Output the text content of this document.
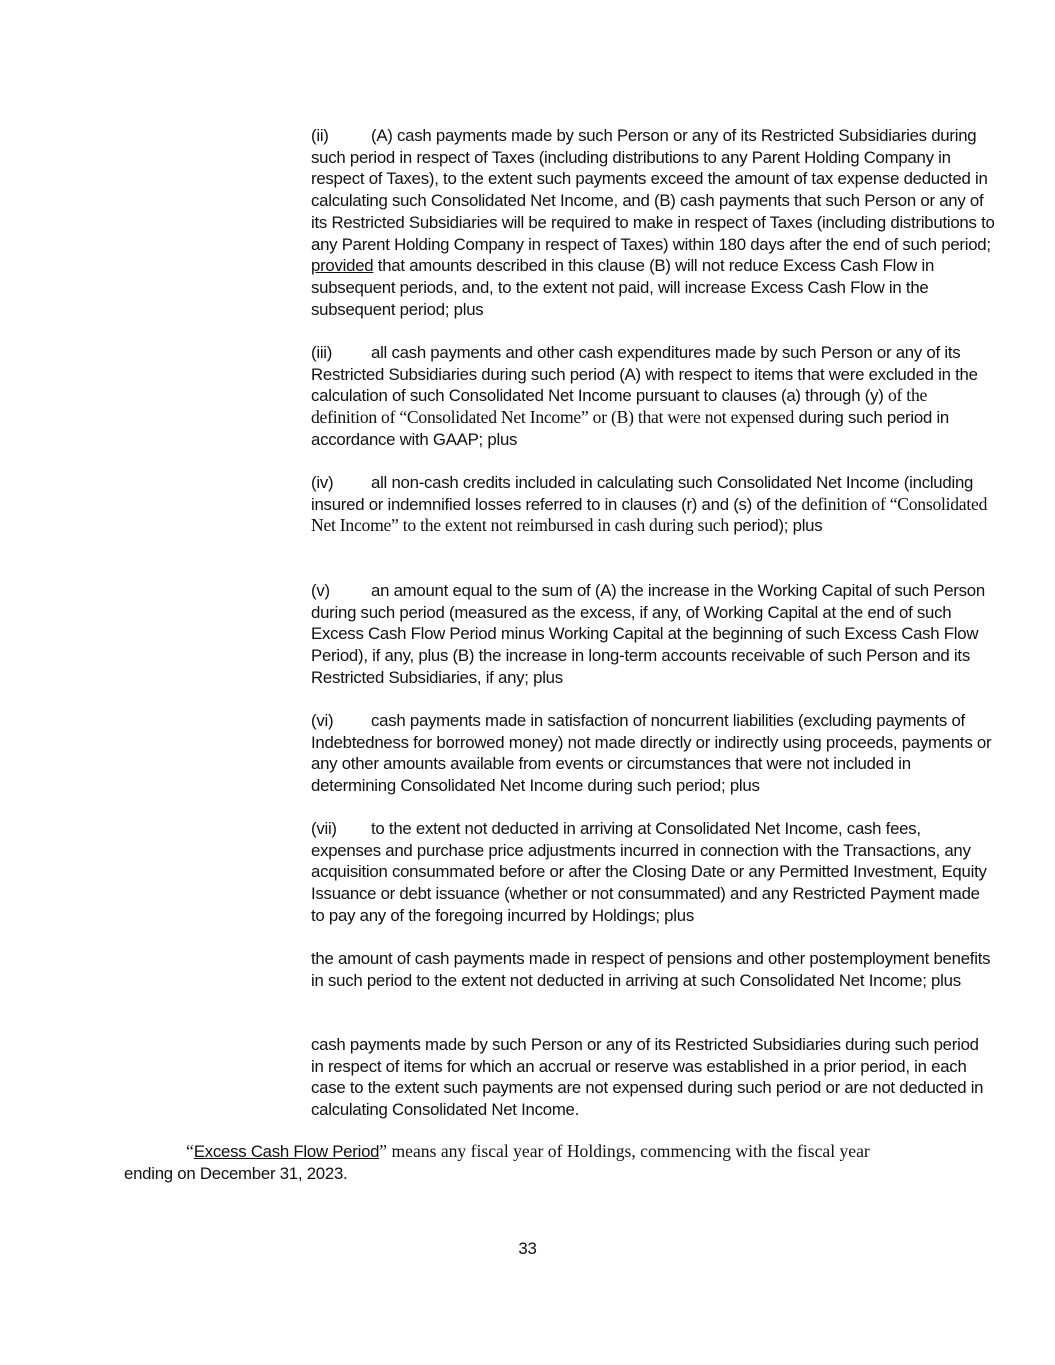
(ii)	(A) cash payments made by such Person or any of its Restricted Subsidiaries during such period in respect of Taxes (including distributions to any Parent Holding Company in respect of Taxes), to the extent such payments exceed the amount of tax expense deducted in calculating such Consolidated Net Income, and (B) cash payments that such Person or any of its Restricted Subsidiaries will be required to make in respect of Taxes (including distributions to any Parent Holding Company in respect of Taxes) within 180 days after the end of such period; provided that amounts described in this clause (B) will not reduce Excess Cash Flow in subsequent periods, and, to the extent not paid, will increase Excess Cash Flow in the subsequent period; plus

(iii) all cash payments and other cash expenditures made by such Person or any of its Restricted Subsidiaries during such period (A) with respect to items that were excluded in the calculation of such Consolidated Net Income pursuant to clauses (a) through (y) of the definition of “Consolidated Net Income” or (B) that were not expensed during such period in accordance with GAAP; plus

(iv) all non-cash credits included in calculating such Consolidated Net Income (including insured or indemnified losses referred to in clauses (r) and (s) of the definition of “Consolidated Net Income” to the extent not reimbursed in cash during such period); plus

(v) an amount equal to the sum of (A) the increase in the Working Capital of such Person during such period (measured as the excess, if any, of Working Capital at the end of such Excess Cash Flow Period minus Working Capital at the beginning of such Excess Cash Flow Period), if any, plus (B) the increase in long-term accounts receivable of such Person and its Restricted Subsidiaries, if any; plus

(vi) cash payments made in satisfaction of noncurrent liabilities (excluding payments of Indebtedness for borrowed money) not made directly or indirectly using proceeds, payments or any other amounts available from events or circumstances that were not included in determining Consolidated Net Income during such period; plus

(vii) to the extent not deducted in arriving at Consolidated Net Income, cash fees, expenses and purchase price adjustments incurred in connection with the Transactions, any acquisition consummated before or after the Closing Date or any Permitted Investment, Equity Issuance or debt issuance (whether or not consummated) and any Restricted Payment made to pay any of the foregoing incurred by Holdings; plus

the amount of cash payments made in respect of pensions and other postemployment benefits in such period to the extent not deducted in arriving at such Consolidated Net Income; plus

cash payments made by such Person or any of its Restricted Subsidiaries during such period in respect of items for which an accrual or reserve was established in a prior period, in each case to the extent such payments are not expensed during such period or are not deducted in calculating Consolidated Net Income.

“Excess Cash Flow Period” means any fiscal year of Holdings, commencing with the fiscal year
ending on December 31, 2023.
33
